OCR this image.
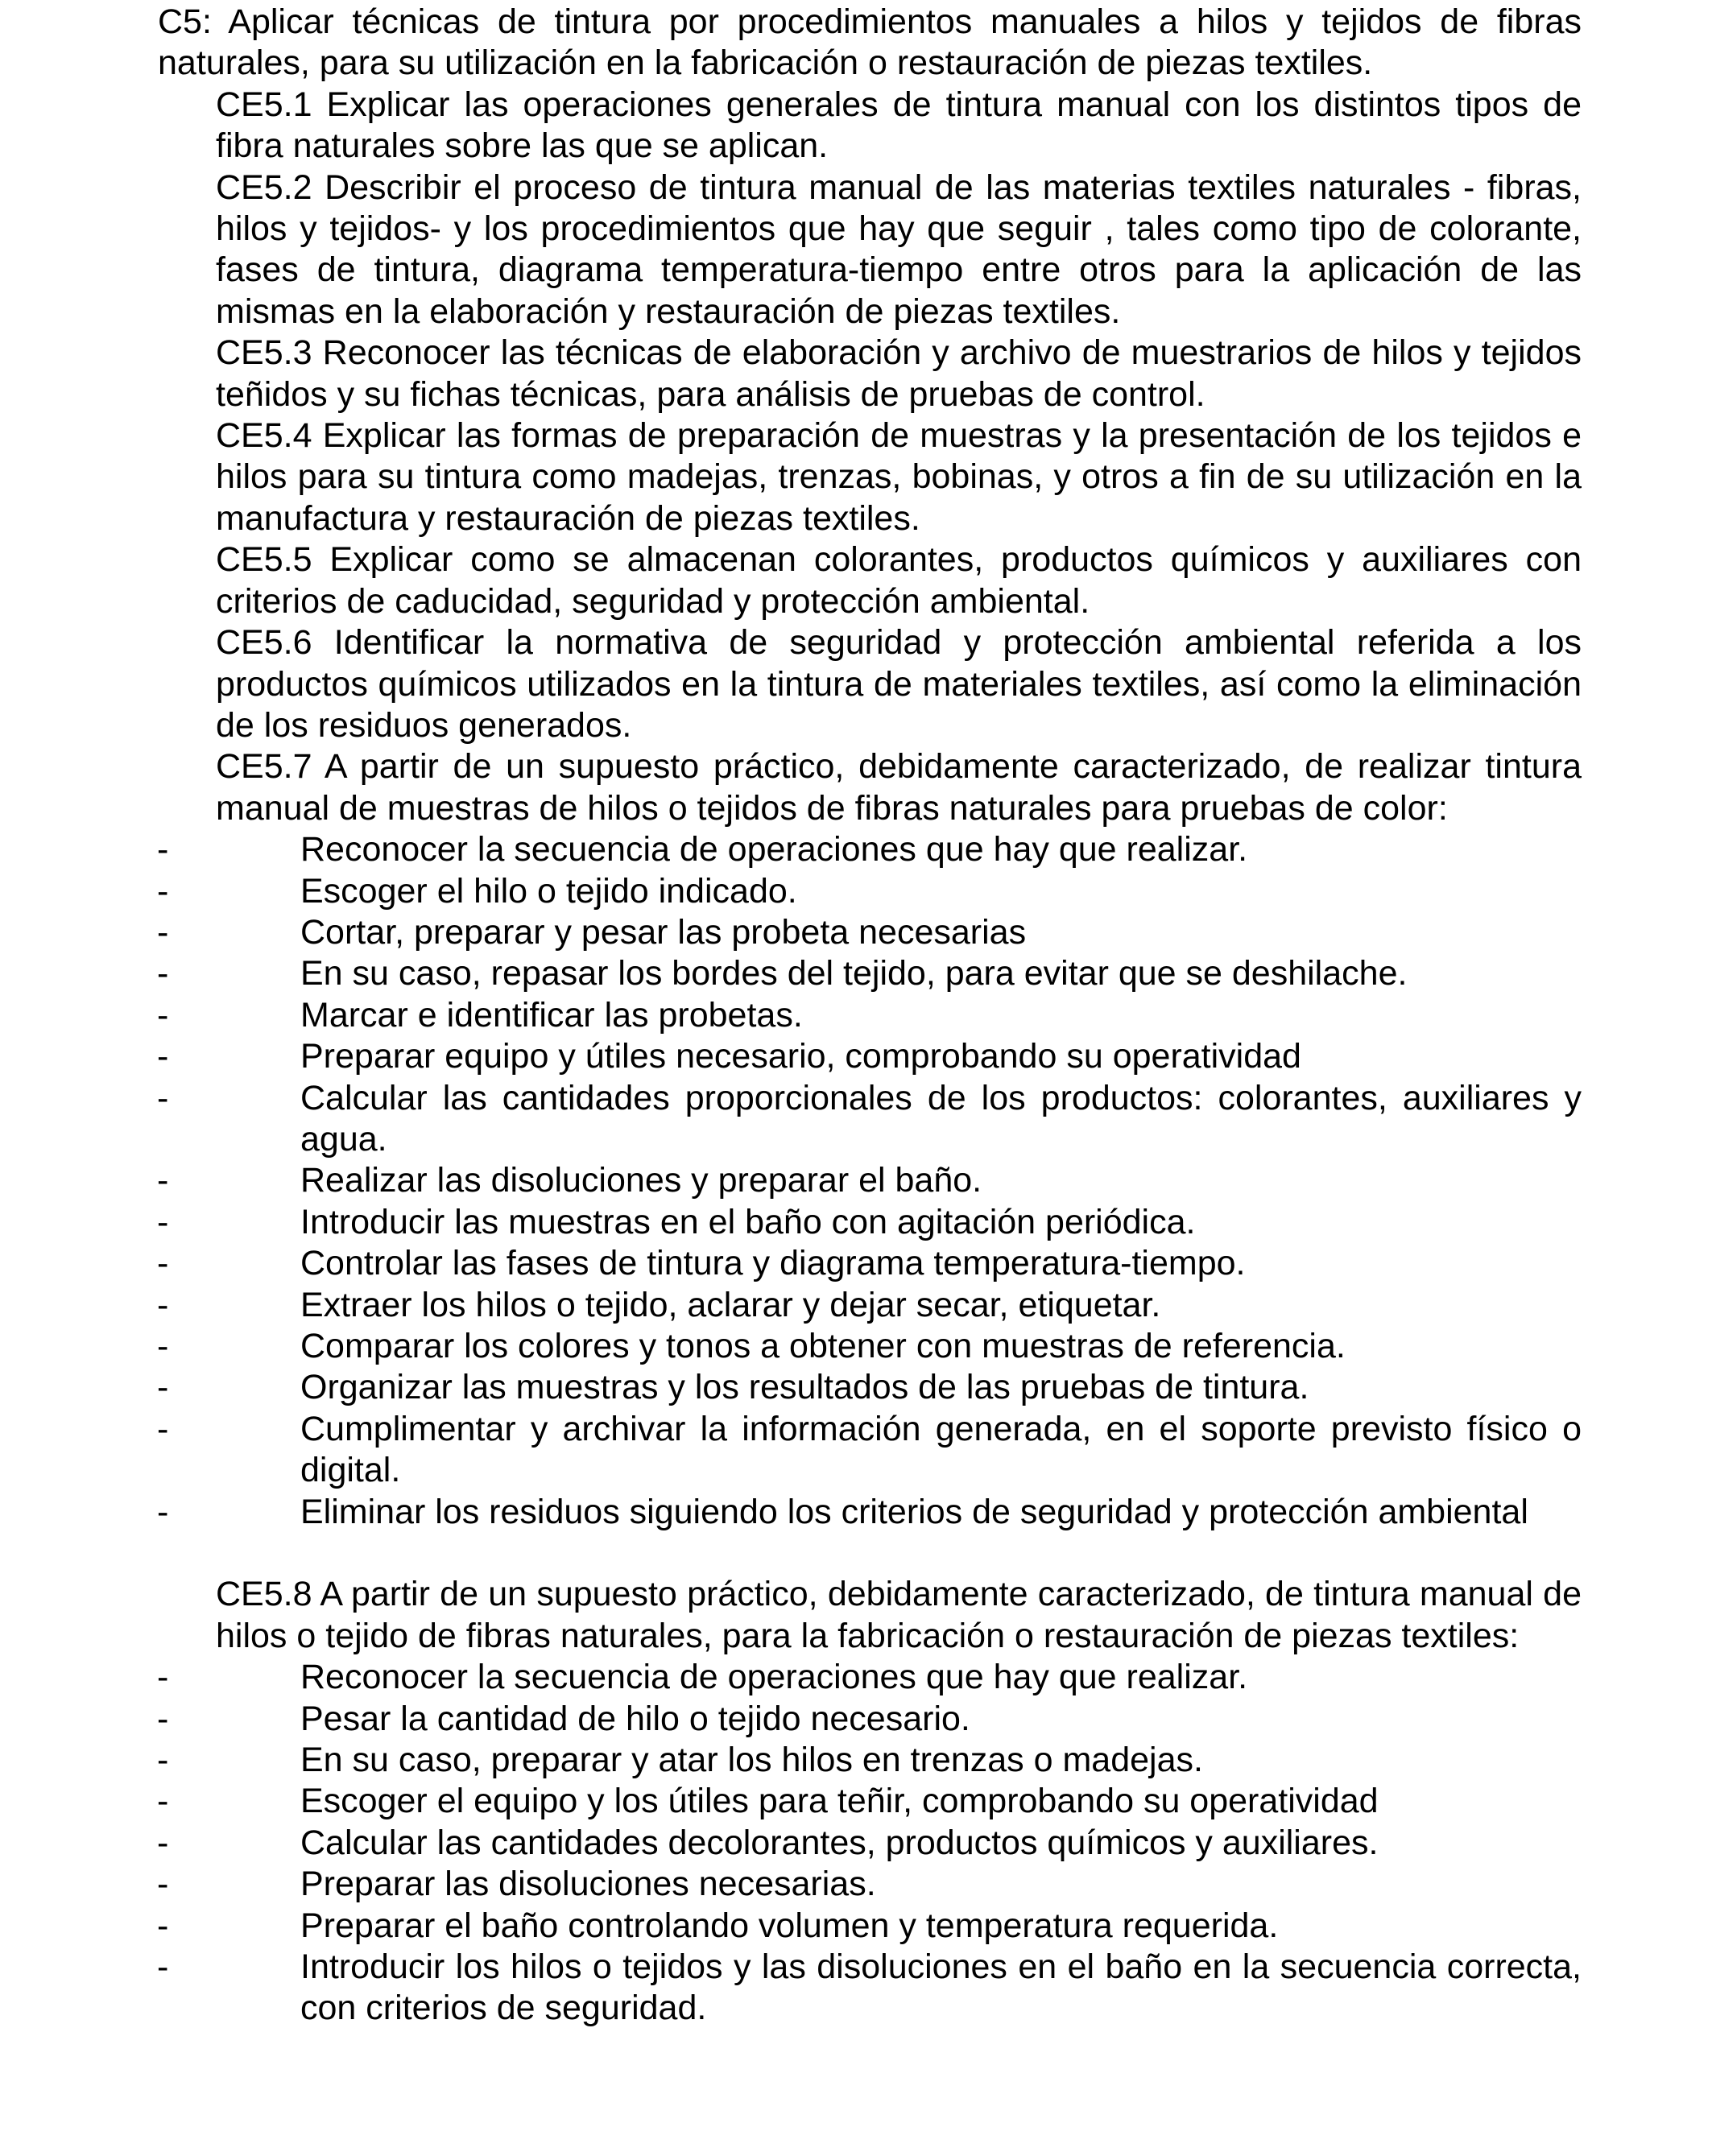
C5: Aplicar técnicas de tintura por procedimientos manuales a hilos y tejidos de fibras naturales, para su utilización en la fabricación o restauración de piezas textiles.

CE5.1 Explicar las operaciones generales de tintura manual con los distintos tipos de fibra naturales sobre las que se aplican.

CE5.2 Describir el proceso de tintura manual de las materias textiles naturales - fibras, hilos y tejidos- y los procedimientos que hay que seguir , tales como tipo de colorante, fases de tintura, diagrama temperatura-tiempo entre otros para la aplicación de las mismas en la elaboración y restauración de piezas textiles.

CE5.3 Reconocer las técnicas de elaboración y archivo de muestrarios de hilos y tejidos teñidos y su fichas técnicas, para análisis de pruebas de control.

CE5.4 Explicar las formas de preparación de muestras y la presentación de los tejidos e hilos para su tintura como madejas, trenzas, bobinas, y otros a fin de su utilización en la manufactura y restauración de piezas textiles.

CE5.5 Explicar como se almacenan colorantes, productos químicos y auxiliares con criterios de caducidad, seguridad y protección ambiental.

CE5.6 Identificar la normativa de seguridad y protección ambiental referida a los productos químicos utilizados en la tintura de materiales textiles, así como la eliminación de los residuos generados.

CE5.7 A partir de un supuesto práctico, debidamente caracterizado, de realizar tintura manual de muestras de hilos o tejidos de fibras naturales para pruebas de color:

-	Reconocer la secuencia de operaciones que hay que realizar.
-	Escoger el hilo o tejido indicado.
-	Cortar, preparar y pesar las probeta necesarias
-	En su caso, repasar los bordes del tejido, para evitar que se deshilache.
-	Marcar e identificar las probetas.
-	Preparar equipo y útiles necesario, comprobando su operatividad
-	Calcular las cantidades proporcionales de los productos: colorantes, auxiliares y agua.
-	Realizar las disoluciones y preparar el baño.
-	Introducir las muestras en el baño con agitación periódica.
-	Controlar las fases de tintura y diagrama temperatura-tiempo.
-	Extraer los hilos o tejido, aclarar y dejar secar, etiquetar.
-	Comparar los colores y tonos a obtener con muestras de referencia.
-	Organizar las muestras y los resultados de las pruebas de tintura.
-	Cumplimentar y archivar la información generada, en el soporte previsto físico o digital.
-	Eliminar los residuos siguiendo los criterios de seguridad y protección ambiental

CE5.8 A partir de un supuesto práctico, debidamente caracterizado, de tintura manual de hilos o tejido de fibras naturales, para la fabricación o restauración de piezas textiles:

-	Reconocer la secuencia de operaciones que hay que realizar.
-	Pesar la cantidad de hilo o tejido necesario.
-	En su caso, preparar y atar los hilos en trenzas o madejas.
-	Escoger el equipo y los útiles para teñir, comprobando su operatividad
-	Calcular las cantidades decolorantes, productos químicos y auxiliares.
-	Preparar las disoluciones necesarias.
-	Preparar el baño controlando volumen y temperatura requerida.
-	Introducir los hilos o tejidos y las disoluciones en el baño en la secuencia correcta, con criterios de seguridad.
